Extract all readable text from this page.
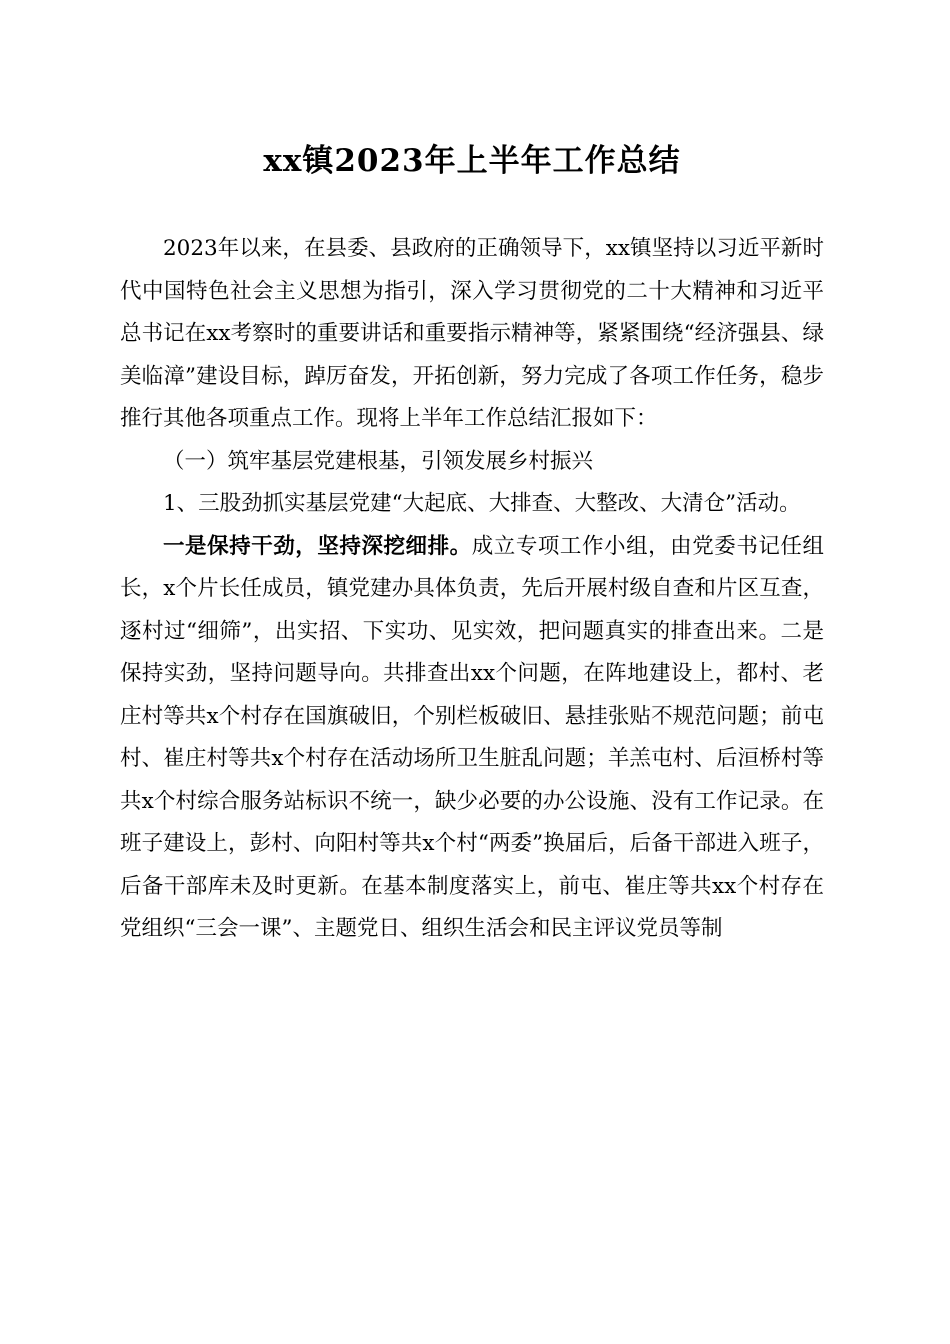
xx镇2023年上半年工作总结

2023年以来，在县委、县政府的正确领导下，xx镇坚持以习近平新时代中国特色社会主义思想为指引，深入学习贯彻党的二十大精神和习近平总书记在xx考察时的重要讲话和重要指示精神等，紧紧围绕“经济强县、绿美临漳”建设目标，踔厉奋发，开拓创新，努力完成了各项工作任务，稳步推行其他各项重点工作。现将上半年工作总结汇报如下：

（一）筑牢基层党建根基，引领发展乡村振兴

1、三股劲抓实基层党建“大起底、大排查、大整改、大清仓”活动。

一是保持干劲，坚持深挖细排。成立专项工作小组，由党委书记任组长，x个片长任成员，镇党建办具体负责，先后开展村级自查和片区互查，逐村过“细筛”，出实招、下实功、见实效，把问题真实的排查出来。二是保持实劲，坚持问题导向。共排查出xx个问题，在阵地建设上，都村、老庄村等共x个村存在国旗破旧，个别栏板破旧、悬挂张贴不规范问题；前屯村、崔庄村等共x个村存在活动场所卫生脏乱问题；羊羔屯村、后洹桥村等共x个村综合服务站标识不统一，缺少必要的办公设施、没有工作记录。在班子建设上，彭村、向阳村等共x个村“两委”换届后，后备干部进入班子，后备干部库未及时更新。在基本制度落实上，前屯、崔庄等共xx个村存在党组织“三会一课”、主题党日、组织生活会和民主评议党员等制
